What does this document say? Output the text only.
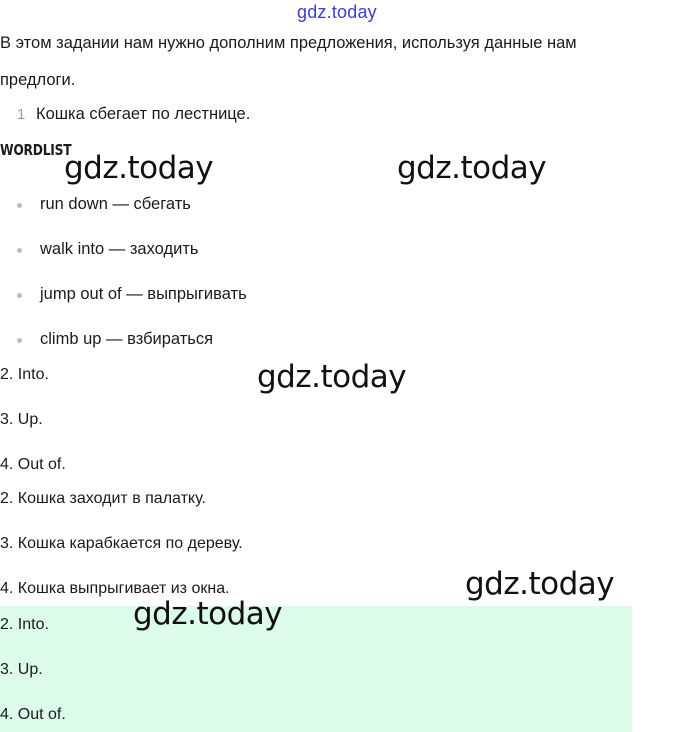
gdz.today
В этом задании нам нужно дополним предложения, используя данные нам
предлоги.
1 Кошка сбегает по лестнице.
WORDLIST
run down — сбегать
walk into — заходить
jump out of — выпрыгивать
climb up — взбираться
2. Into.
3. Up.
4. Out of.
2. Кошка заходит в палатку.
3. Кошка карабкается по дереву.
4. Кошка выпрыгивает из окна.
2. Into.
3. Up.
4. Out of.
gdz.today	gdz.today
gdz.today
gdz.today
gdz.today
